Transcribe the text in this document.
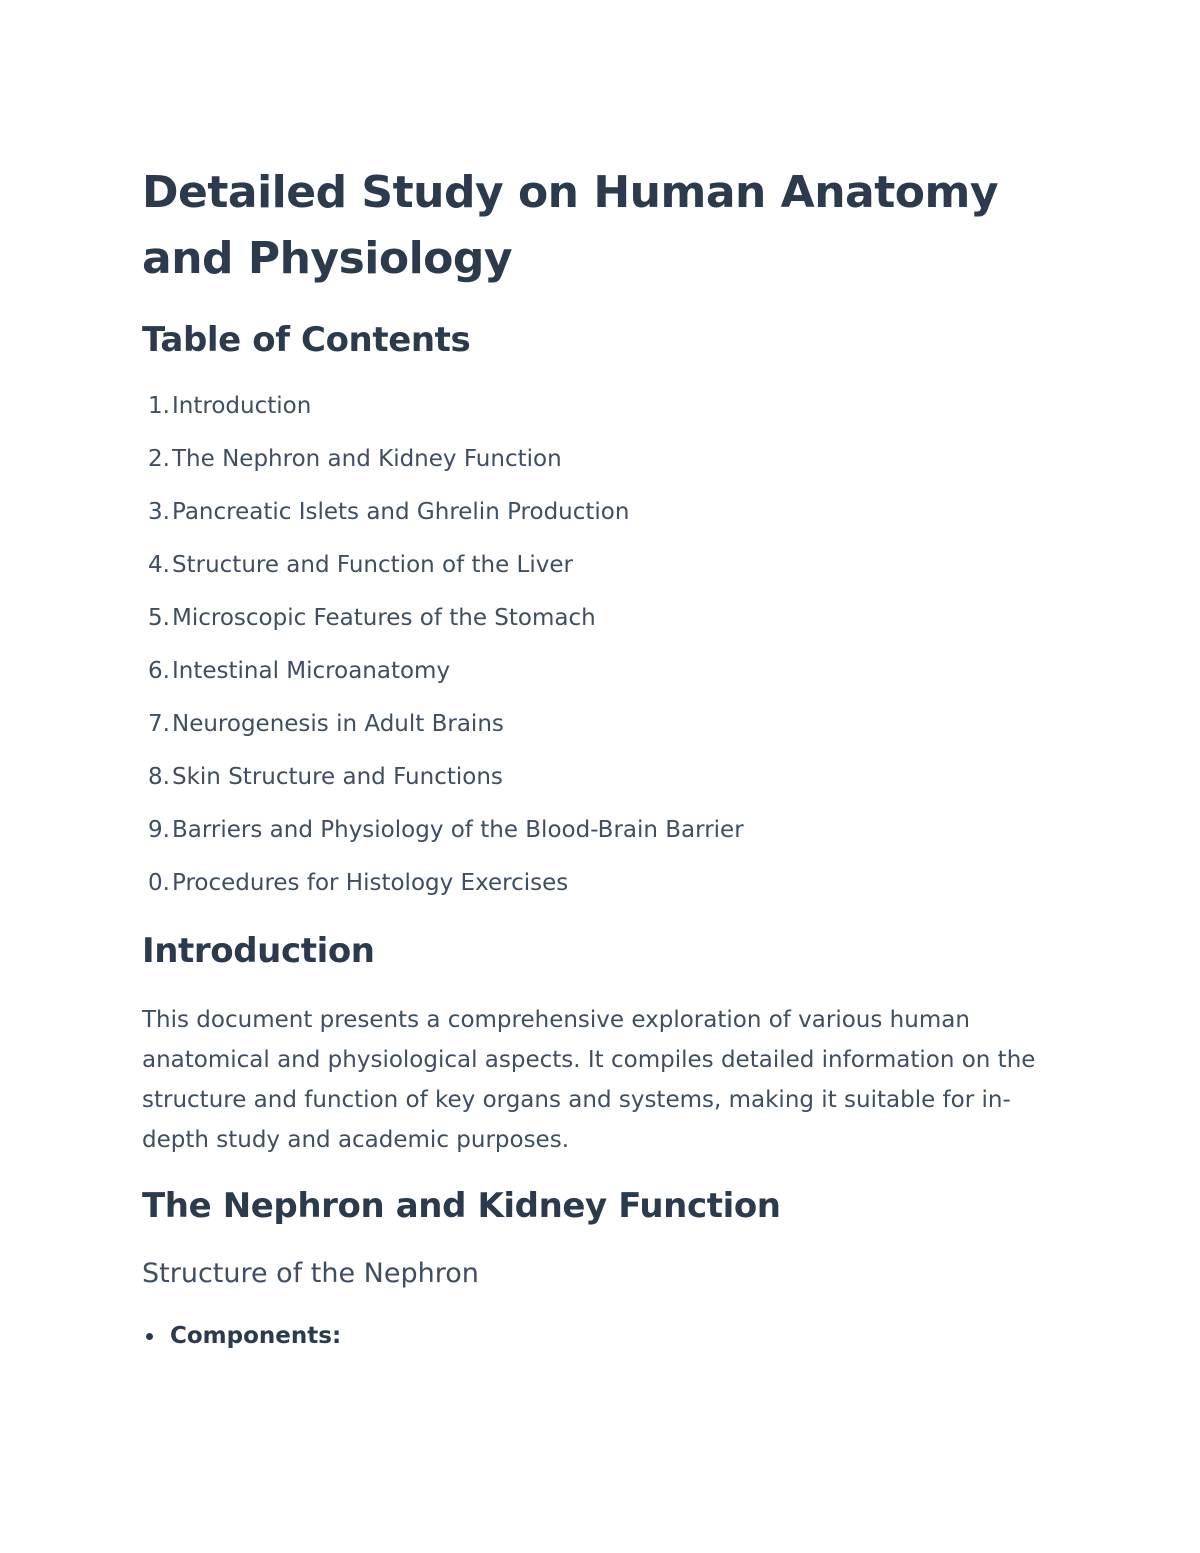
Detailed Study on Human Anatomy and Physiology
Table of Contents
1. Introduction
2. The Nephron and Kidney Function
3. Pancreatic Islets and Ghrelin Production
4. Structure and Function of the Liver
5. Microscopic Features of the Stomach
6. Intestinal Microanatomy
7. Neurogenesis in Adult Brains
8. Skin Structure and Functions
9. Barriers and Physiology of the Blood-Brain Barrier
0. Procedures for Histology Exercises
Introduction

This document presents a comprehensive exploration of various human anatomical and physiological aspects. It compiles detailed information on the structure and function of key organs and systems, making it suitable for in-depth study and academic purposes.

The Nephron and Kidney Function
Structure of the Nephron
Components:
